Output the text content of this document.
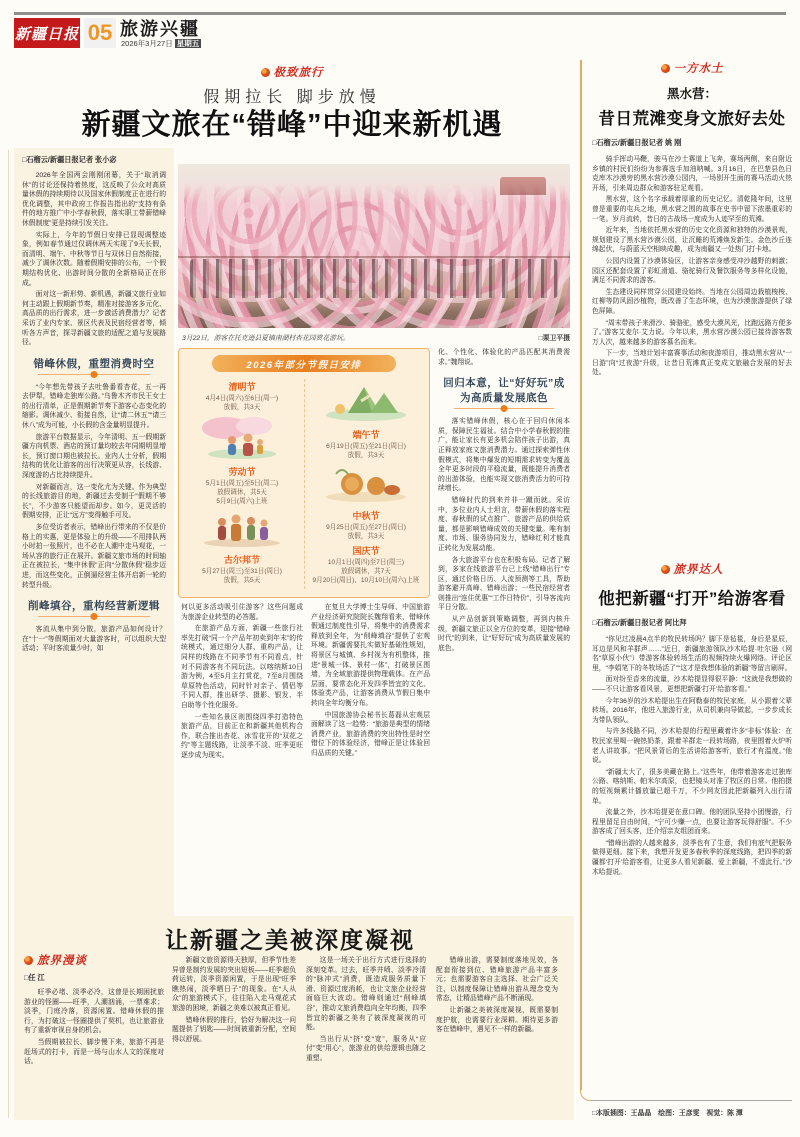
新疆日报 05 旅游兴疆
2026年3月27日 星期五
极致旅行
假期拉长 脚步放慢
新疆文旅在“错峰”中迎来新机遇

□石榴云/新疆日报记者 张小宓

2026年全国两会刚刚闭幕，关于“取消调休”的讨论还保持着热度，这反映了公众对高质量休假的持续期待以及国家休假制度正在进行的优化调整，其中政府工作报告指出的“支持有条件的地方推广中小学春秋假，落实职工带薪错峰休假制度”更是持续引发关注。

实际上，今年的节假日安排已显现调整迹象，例如春节通过仅调休两天实现了9天长假，而清明、端午、中秋等节日与双休日自然衔接，减少了调休次数。随着假期安排的公布，一个假期结构优化、出游时间分散的全新格局正在形成。

面对这一新形势、新机遇，新疆文旅行业如何主动跟上假期新节奏，精准对接游客多元化、高品质的出行需求，进一步激活消费潜力？记者采访了业内专家、景区代表及民宿经营者等，倾听各方声音，探寻新疆文旅的适配之道与发展路径。

错峰休假，重塑消费时空

“今年想先带孩子去吐鲁番看杏花，五一再去伊犁，错峰走独库公路。”乌鲁木齐市民王女士的出行清单，正是假期新节奏下游客心态变化的缩影。调休减少、衔接自然，让“请二休五”“请三休八”成为可能，小长假的含金量明显提升。

旅游平台数据显示，今年清明、五一假期新疆方向机票、酒店的预订量均较去年同期明显增长，预订窗口期也被拉长。业内人士分析，假期结构的优化让游客的出行决策更从容，长线游、深度游的占比持续提升。

对新疆而言，这一变化尤为关键。作为典型的长线旅游目的地，新疆过去受制于“假期不够长”，不少游客只能望而却步。如今，更灵活的假期安排，正让“远方”变得触手可及。

多位受访者表示，错峰出行带来的不仅是价格上的实惠，更是体验上的升级——不用排队两小时拍一张照片，也不必在人潮中走马观花，一场从容的旅行正在展开。新疆文旅市场的时间轴正在被拉长，“集中休假”正向“分散休假”稳步迈进，而这些变化，正倒逼经营主体开启新一轮的转型升级。

削峰填谷，重构经营新逻辑

客流从集中到分散，旅游产品如何设计？在“十一”等假期面对大量游客时，可以组织大型活动；平时客流量少时，如

3月22日，游客在托克逊县夏镇南湖村杏花园赏花游玩。	□栗卫平摄
2026年部分节假日安排
清明节
4月4日(周六)至6日(周一)
放假，共3天
劳动节
5月1日(周五)至5日(周二)
放假调休，共5天
5月9日(周六)上班
古尔邦节
5月27日(周三)至31日(周日)
放假，共5天
端午节
6月19日(周五)至21日(周日)
放假，共3天
中秋节
9月25日(周五)至27日(周日)
放假，共3天
国庆节
10月1日(周四)至7日(周三)
放假调休，共7天
9月20日(周日)、10月10日(周六)上班

何以更多活动吸引住游客？这些问题成为旅游企业转型的必答题。

在旅游产品方面，新疆一些旅行社率先打破“同一个产品年初卖到年末”的传统模式，通过细分人群、重构产品，让同样的线路在不同季节有不同看点，针对不同游客有不同玩法。以喀纳斯10日游为例，4至5月主打赏花，7至8月围绕草原特色活动，同时针对亲子、情侣等不同人群，推出研学、摄影、银发、半自助等个性化服务。

一些知名景区则围绕四季打造特色旅游产品，目前正在和新疆其他机构合作，联合推出杏花、冰雪花开的“双花之约”等主题线路，让淡季不淡、旺季更旺逐步成为现实。

在复旦大学博士生导师、中国旅游产业经济研究院院长魏翔看来，错峰休假通过制度性引导，将集中的消费需求释放到全年，为“削峰填谷”提供了宏观环境。新疆需要扎实做好基础性规划，将景区与城镇、乡村视为有机整体，推进“景城一体、景村一体”，打破景区围墙，为全域旅游提供物理载体。在产品层面，要常态化开发四季皆宜的文化、体验类产品，让游客消费从节假日集中转向全年均衡分布。

中国旅游协会秘书长葛磊从宏观层面解读了这一趋势：“旅游是典型的情绪消费产业，旅游消费的突出特性是时空错位下的体验经济，错峰正是让体验回归品质的关键。”

化、个性化、体验化的产品匹配其消费需求。”魏翔说。

回归本意，让“好好玩”成为高质量发展底色

落实错峰休假，核心在于回归休闲本质，保障民生福祉。结合中小学春秋假的推广，能让家长有更多机会陪伴孩子出游，真正释放家庭文旅消费潜力。通过探索弹性休假模式，将集中爆发的短期需求转变为覆盖全年更多时段的平稳流量，既能提升消费者的出游体验，也能实现文旅消费活力的可持续增长。

错峰时代的到来并非一蹴而就。采访中，多位业内人士坦言，带薪休假的落实程度、春秋假的试点推广、旅游产品的供给质量，都是影响错峰成效的关键变量。唯有制度、市场、服务协同发力，错峰红利才能真正转化为发展动能。

各大旅游平台也在积极布局。记者了解到，多家在线旅游平台已上线“错峰出行”专区，通过价格日历、人流预测等工具，帮助游客避开高峰、错峰出游；一些民宿经营者则推出“连住优惠”“工作日特价”，引导客流向平日分散。

从产品创新到策略调整，再到内核升级，新疆文旅正以全方位的变革，迎接“错峰时代”的到来，让“好好玩”成为高质量发展的底色。

一方水土
黑水营：
昔日荒滩变身文旅好去处

□石榴云/新疆日报记者 姚 刚

骑手挥动马鞭，骏马在沙土赛道上飞奔，赛场两侧，来自附近乡镇的村民们纷纷为参赛选手加油呐喊。3月16日，在巴楚县色日克库木沙漠旁的黑水营沙漠公园内，一场别开生面的赛马活动火热开场，引来周边群众和游客驻足观看。

黑水营，这个名字承载着厚重的历史记忆。清乾隆年间，这里曾是重要的屯兵之地，黑水营之围的故事在史书中留下浓墨重彩的一笔。岁月流转，昔日的古战场一度成为人迹罕至的荒滩。

近年来，当地依托黑水营的历史文化资源和独特的沙漠景观，规划建设了黑水营沙漠公园，让沉睡的荒滩焕发新生。金色沙丘连绵起伏，与蔚蓝天空相映成趣，成为南疆又一处热门打卡地。

公园内设置了沙漠体验区，让游客亲身感受冲沙越野的刺激；园区还配套设置了彩虹滑道、骆驼骑行及餐饮服务等多样化设施，满足不同需求的游客。

生态建设同样贯穿公园建设始终。当地在公园周边栽植梭梭、红柳等防风固沙植物，既改善了生态环境，也为沙漠旅游提供了绿色屏障。

“周末带孩子来滑沙、骑骆驼，感受大漠风光，比跑远路方便多了。”游客艾麦尔·艾力说。今年以来，黑水营沙漠公园已接待游客数万人次，越来越多的游客慕名而来。

下一步，当地计划丰富赛事活动和夜游项目，推动黑水营从“一日游”向“过夜游”升级，让昔日荒滩真正变成文旅融合发展的好去处。

旅界达人
他把新疆“打开”给游客看

□石榴云/新疆日报记者 阿比拜

“你见过凌晨4点半的牧民转场吗？脚下是毡毯，身后是星辰，耳边是风和羊群声……”近日，新疆旅游领队沙木哈提·吐尔逊（网名“草原小伙”）带游客体验转场生活的视频持续火爆网络。评论区里，“李娟笔下的冬牧场活了”“这才是我想体验的新疆”等留言刷屏。

面对纷至沓来的流量，沙木哈提显得很平静：“这就是我想做的——不只让游客看风景，更想把新疆‘打开’给游客看。”

今年36岁的沙木哈提出生在阿勒泰的牧民家庭，从小跟着父辈转场。2016年，他进入旅游行业，从司机兼向导做起，一步步成长为带队领队。

与许多线路不同，沙木哈提的行程里藏着许多“非标”体验：在牧民家里喝一碗热奶茶，跟着羊群走一段转场路，夜里围着火炉听老人讲故事。“把风景背后的生活讲给游客听，旅行才有温度。”他说。

“新疆太大了，很多美藏在路上。”这些年，他带着游客走过独库公路、喀纳斯、帕米尔高原，也把镜头对准了牧区的日常。他拍摄的短视频累计播放量已超千万，不少网友因此把新疆列入出行清单。

流量之外，沙木哈提更在意口碑。他的团队坚持小团慢游，行程里留足自由时间，“宁可少赚一点，也要让游客玩得舒服”。不少游客成了回头客，还介绍亲友组团而来。

“错峰出游的人越来越多，淡季也有了生意，我们有底气把服务做得更细。接下来，我想开发更多春秋季的深度线路，把四季的新疆都‘打开’给游客看，让更多人看见新疆、爱上新疆，不虚此行。”沙木哈提说。

□本版插图：王晶晶　绘图：王彦雯　视觉：陈 潭
让新疆之美被深度凝视
旅界漫谈

□任 江

旺季必堵、淡季必冷，这曾是长期困扰旅游业的怪圈——旺季，人潮汹涌，一票难求；淡季，门庭冷落，资源闲置。错峰休假的推行，为打破这一怪圈提供了契机，也让旅游业有了重新审视自身的机会。

当假期被拉长、脚步慢下来，旅游不再是赶场式的打卡，而是一场与山水人文的深度对话。

新疆文旅资源得天独厚，但季节性差异曾是制约发展的突出短板——旺季超负荷运转，淡季资源闲置，于是出现“旺季瞧热闹，淡季晒日子”的现象。在“人从众”的旅游模式下，往往陷入走马观花式旅游的困境，新疆之美难以被真正看见。

错峰休假的推行，恰好为解决这一问题提供了钥匙——时间被重新分配，空间得以舒展。

这是一场关于出行方式进行选择的深刻变革。过去，旺季井喷、淡季冷清的“脉冲式”消费，既造成服务质量下滑、资源过度消耗，也让文旅企业经营面临巨大波动。错峰则通过“削峰填谷”，推动文旅消费趋向全年均衡，四季皆宜的新疆之美有了被深度凝视的可能。

当出行从“挤”变“宽”，服务从“应付”变“用心”，旅游业的供给逻辑也随之重塑。

错峰出游，需要制度落地见效，各配套衔接到位、错峰旅游产品丰富多元；也需要游客自主选择、社会广泛关注，以制度保障让错峰出游从理念变为常态，让精品错峰产品不断涌现。

让新疆之美被深度凝视，既需要制度护航，也需要行业深耕。期待更多游客在错峰中，遇见不一样的新疆。
